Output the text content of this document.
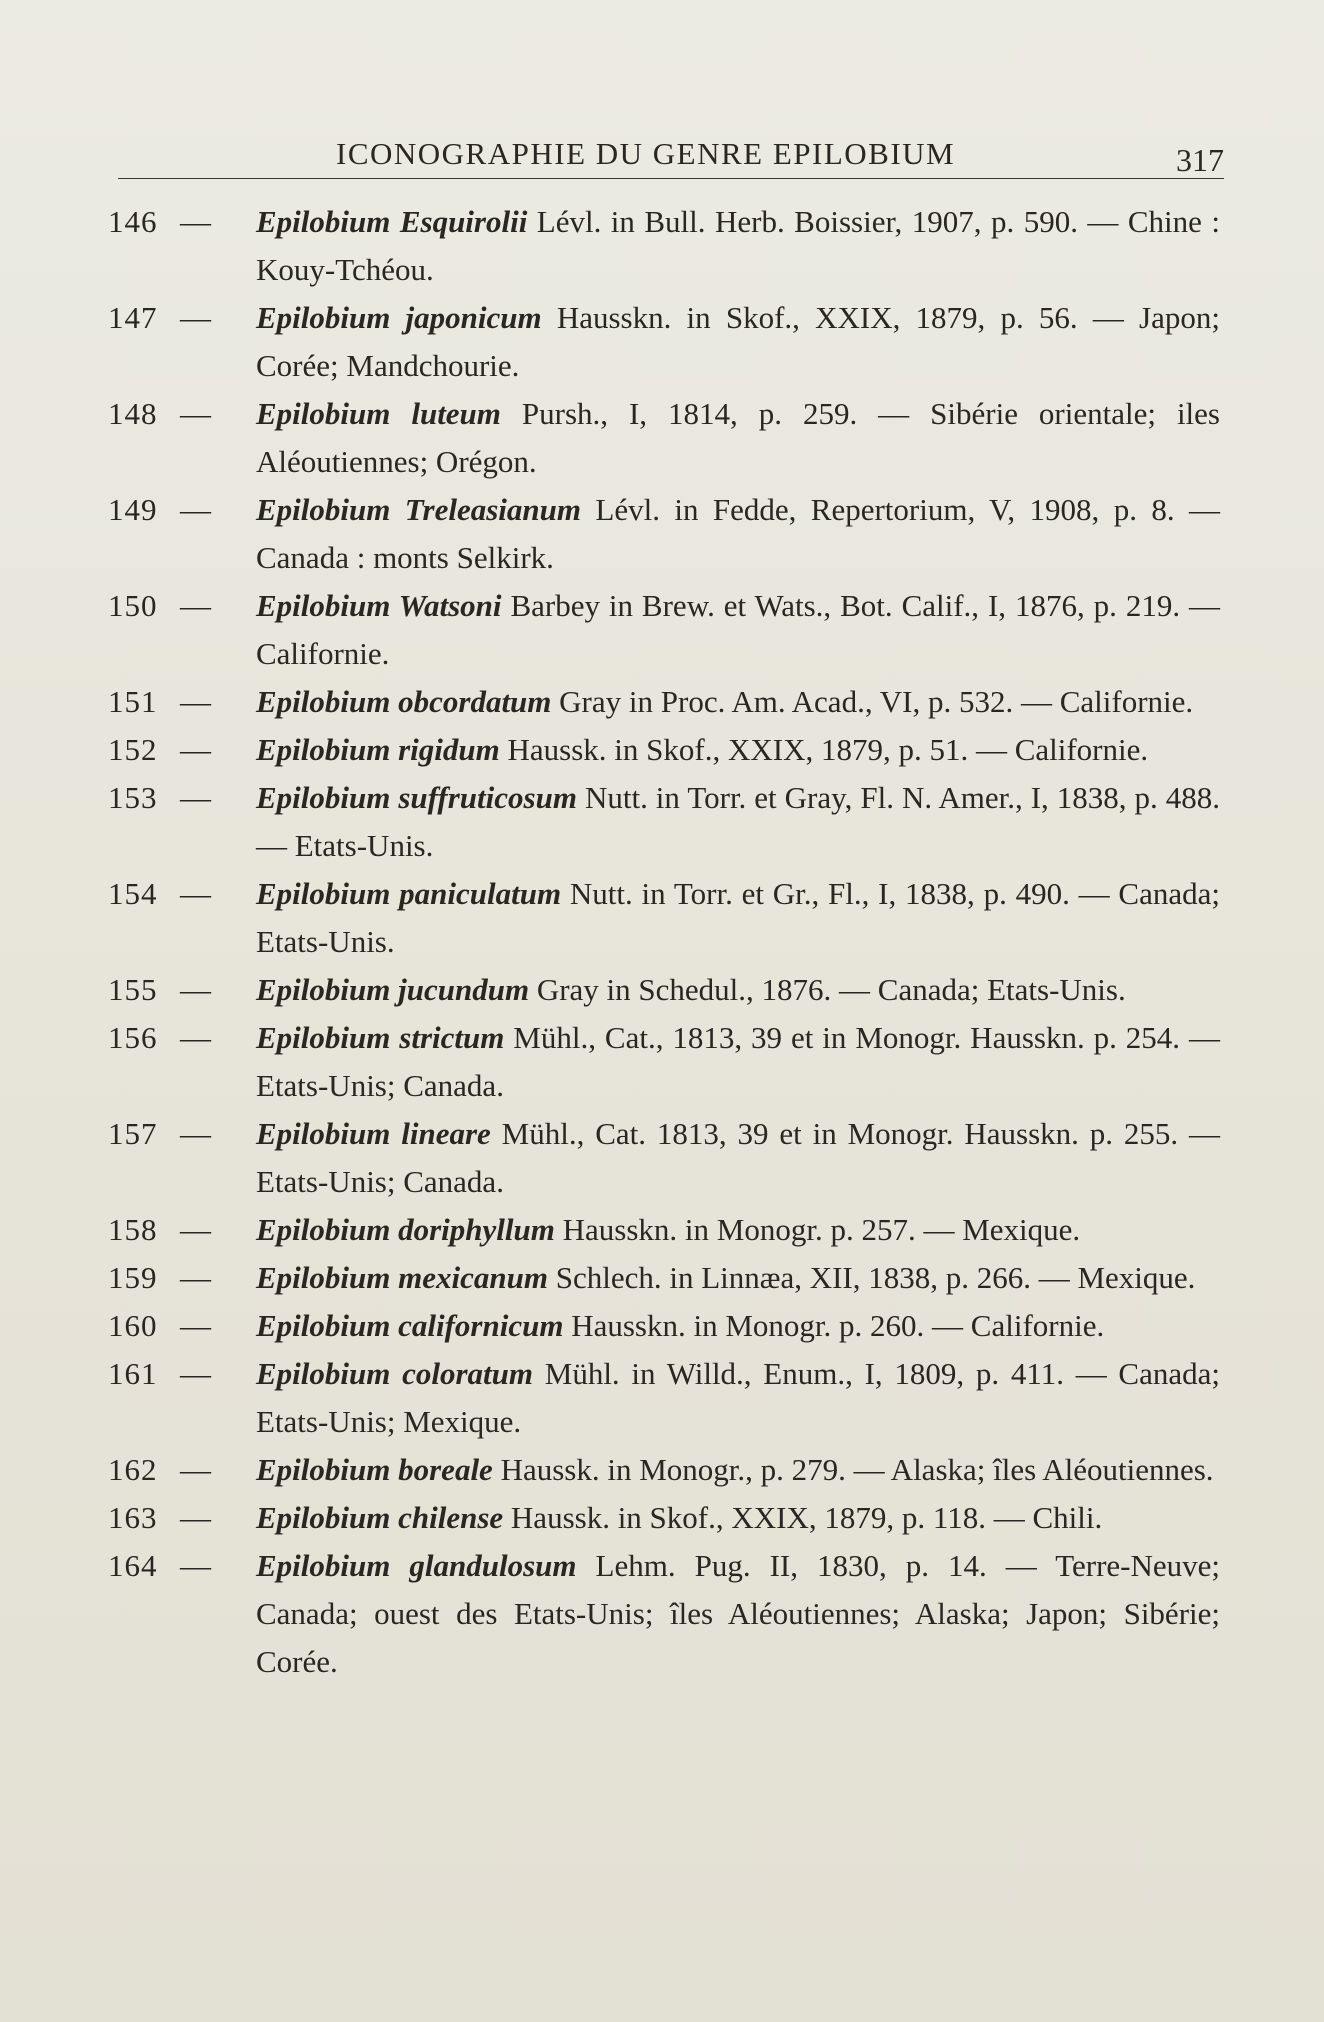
ICONOGRAPHIE DU GENRE EPILOBIUM	317
146 — Epilobium Esquirolii Lévl. in Bull. Herb. Boissier, 1907, p. 590. — Chine : Kouy-Tchéou.
147 — Epilobium japonicum Hausskn. in Skof., XXIX, 1879, p. 56. — Japon; Corée; Mandchourie.
148 — Epilobium luteum Pursh., I, 1814, p. 259. — Sibérie orientale; iles Aléoutiennes; Orégon.
149 — Epilobium Treleasianum Lévl. in Fedde, Repertorium, V, 1908, p. 8. — Canada : monts Selkirk.
150 — Epilobium Watsoni Barbey in Brew. et Wats., Bot. Calif., I, 1876, p. 219. — Californie.
151 — Epilobium obcordatum Gray in Proc. Am. Acad., VI, p. 532. — Californie.
152 — Epilobium rigidum Haussk. in Skof., XXIX, 1879, p. 51. — Californie.
153 — Epilobium suffruticosum Nutt. in Torr. et Gray, Fl. N. Amer., I, 1838, p. 488. — Etats-Unis.
154 — Epilobium paniculatum Nutt. in Torr. et Gr., Fl., I, 1838, p. 490. — Canada; Etats-Unis.
155 — Epilobium jucundum Gray in Schedul., 1876. — Canada; Etats-Unis.
156 — Epilobium strictum Mühl., Cat., 1813, 39 et in Monogr. Hausskn. p. 254. — Etats-Unis; Canada.
157 — Epilobium lineare Mühl., Cat. 1813, 39 et in Monogr. Hausskn. p. 255. — Etats-Unis; Canada.
158 — Epilobium doriphyllum Hausskn. in Monogr. p. 257. — Mexique.
159 — Epilobium mexicanum Schlech. in Linnæa, XII, 1838, p. 266. — Mexique.
160 — Epilobium californicum Hausskn. in Monogr. p. 260. — Californie.
161 — Epilobium coloratum Mühl. in Willd., Enum., I, 1809, p. 411. — Canada; Etats-Unis; Mexique.
162 — Epilobium boreale Haussk. in Monogr., p. 279. — Alaska; îles Aléoutiennes.
163 — Epilobium chilense Haussk. in Skof., XXIX, 1879, p. 118. — Chili.
164 — Epilobium glandulosum Lehm. Pug. II, 1830, p. 14. — Terre-Neuve; Canada; ouest des Etats-Unis; îles Aléoutiennes; Alaska; Japon; Sibérie; Corée.
